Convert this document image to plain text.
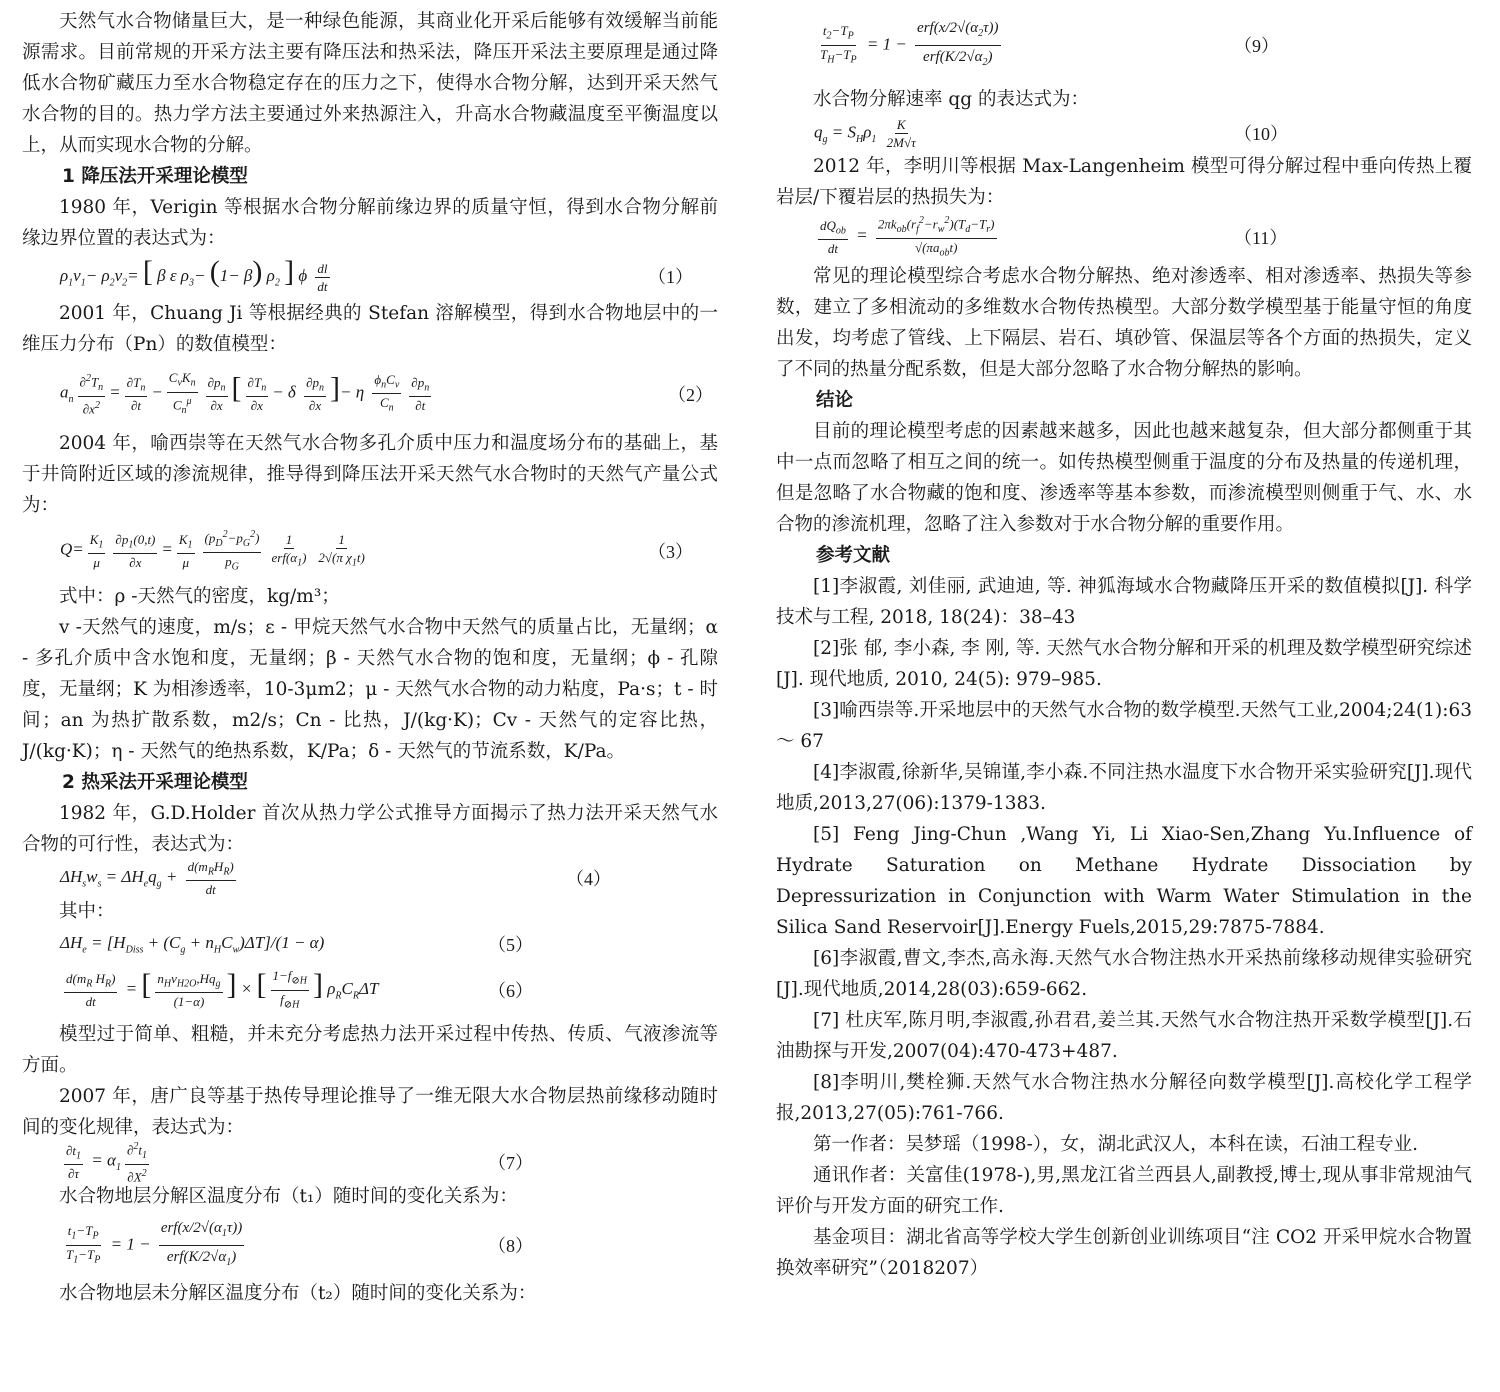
天然气水合物储量巨大，是一种绿色能源，其商业化开采后能够有效缓解当前能源需求。目前常规的开采方法主要有降压法和热采法，降压开采法主要原理是通过降低水合物矿藏压力至水合物稳定存在的压力之下，使得水合物分解，达到开采天然气水合物的目的。热力学方法主要通过外来热源注入，升高水合物藏温度至平衡温度以上，从而实现水合物的分解。

1 降压法开采理论模型

1980 年，Verigin 等根据水合物分解前缘边界的质量守恒，得到水合物分解前缘边界位置的表达式为：

$\rho_1v_1- \rho_2v_2=$ [ β ε $\rho_3- (1- \beta)$ $\rho_2$ ] ϕ $\frac{dl}{dt}$	（1）

2001 年，Chuang Ji 等根据经典的 Stefan 溶解模型，得到水合物地层中的一维压力分布（Pn）的数值模型：

$a_n \frac{\partial^2T_n}{\partial x^2} = \frac{\partial T_n}{\partial t} - \frac{C_vK_n}{C_n^\mu} \frac{\partial p_n}{\partial x}$ [ $\frac{\partial T_n}{\partial x} - \delta \frac{\partial p_n}{\partial x}$ ]− η $\frac{\phi_nC_v}{C_n} \frac{\partial p_n}{\partial t}$	（2）

2004 年，喻西崇等在天然气水合物多孔介质中压力和温度场分布的基础上，基于井筒附近区域的渗流规律，推导得到降压法开采天然气水合物时的天然气产量公式为：

$Q= \frac{K_1}{\mu} \frac{\partial p_1(0,t)}{\partial x} = \frac{K_1}{\mu} \frac{(p_D^2-p_G^2)}{p_G} \frac{1}{erf(\alpha_1)} \frac{1}{2√(\pi \chi_1t)}$	（3）

式中：ρ -天然气的密度，kg/m³；

v -天然气的速度，m/s；ε - 甲烷天然气水合物中天然气的质量占比，无量纲；α - 多孔介质中含水饱和度，无量纲；β - 天然气水合物的饱和度，无量纲；ϕ - 孔隙度，无量纲；K 为相渗透率，10-3μm2；μ - 天然气水合物的动力粘度，Pa·s；t - 时间；an 为热扩散系数，m2/s；Cn - 比热，J/(kg·K)；Cv - 天然气的定容比热，J/(kg·K)；η - 天然气的绝热系数，K/Pa；δ - 天然气的节流系数，K/Pa。

2 热采法开采理论模型

1982 年，G.D.Holder 首次从热力学公式推导方面揭示了热力法开采天然气水合物的可行性，表达式为：

$\Delta H_sw_s = \Delta H_eq_g + \frac{d(m_RH_R)}{dt}$	（4）

其中：

$\Delta H_e = [H_{Diss} + (C_g + n_HC_w)\Delta T]/(1 - \alpha)$	（5）
$\frac{d(m_R H_R)}{dt}$ = [ $\frac{n_Hv_{H2O},Hq_g}{(1-\alpha)}$ ] × [ $\frac{1-f_{⊘H}}{f_{⊘H}}$ ] $\rho_RC_R\Delta T$	（6）

模型过于简单、粗糙，并未充分考虑热力法开采过程中传热、传质、气液渗流等方面。

2007 年，唐广良等基于热传导理论推导了一维无限大水合物层热前缘移动随时间的变化规律，表达式为：

$\frac{\partial t_1}{\partial\tau} = \alpha_1 \frac{\partial^2t_1}{\partial X^2}$	（7）

水合物地层分解区温度分布（t₁）随时间的变化关系为：

$\frac{t_1-T_P}{T_1-T_P} = 1 - \frac{erf(x/2√(\alpha_1\tau))}{erf(K/2√\alpha_1)}$	（8）

水合物地层未分解区温度分布（t₂）随时间的变化关系为：

$\frac{t_2-T_P}{T_H-T_P} = 1 - \frac{erf(x/2√(\alpha_2\tau))}{erf(K/2√\alpha_2)}$	（9）

水合物分解速率 qg 的表达式为：

$q_g = S_H\rho_1 \frac{K}{2M√\tau}$	（10）

2012 年，李明川等根据 Max-Langenheim 模型可得分解过程中垂向传热上覆岩层/下覆岩层的热损失为：

$\frac{dQ_{ob}}{dt} = \frac{2\pi k_{ob}(r_f^2-r_w^2)(T_d-T_r)}{√(\pi a_{ob}t)}$	（11）

常见的理论模型综合考虑水合物分解热、绝对渗透率、相对渗透率、热损失等参数，建立了多相流动的多维数水合物传热模型。大部分数学模型基于能量守恒的角度出发，均考虑了管线、上下隔层、岩石、填砂管、保温层等各个方面的热损失，定义了不同的热量分配系数，但是大部分忽略了水合物分解热的影响。

结论

目前的理论模型考虑的因素越来越多，因此也越来越复杂，但大部分都侧重于其中一点而忽略了相互之间的统一。如传热模型侧重于温度的分布及热量的传递机理，但是忽略了水合物藏的饱和度、渗透率等基本参数，而渗流模型则侧重于气、水、水合物的渗流机理，忽略了注入参数对于水合物分解的重要作用。

参考文献

[1]李淑霞, 刘佳丽, 武迪迪, 等. 神狐海域水合物藏降压开采的数值模拟[J]. 科学技术与工程, 2018, 18(24)：38–43

[2]张 郁, 李小森, 李 刚, 等. 天然气水合物分解和开采的机理及数学模型研究综述[J]. 现代地质, 2010, 24(5): 979–985.

[3]喻西崇等.开采地层中的天然气水合物的数学模型.天然气工业,2004;24(1):63～ 67

[4]李淑霞,徐新华,吴锦谨,李小森.不同注热水温度下水合物开采实验研究[J].现代地质,2013,27(06):1379-1383.

[5] Feng Jing-Chun ,Wang Yi, Li Xiao-Sen,Zhang Yu.Influence of Hydrate Saturation on Methane Hydrate Dissociation by Depressurization in Conjunction with Warm Water Stimulation in the Silica Sand Reservoir[J].Energy Fuels,2015,29:7875-7884.

[6]李淑霞,曹文,李杰,高永海.天然气水合物注热水开采热前缘移动规律实验研究[J].现代地质,2014,28(03):659-662.

[7] 杜庆军,陈月明,李淑霞,孙君君,姜兰其.天然气水合物注热开采数学模型[J].石油勘探与开发,2007(04):470-473+487.

[8]李明川,樊栓狮.天然气水合物注热水分解径向数学模型[J].高校化学工程学报,2013,27(05):761-766.

第一作者：吴梦瑶（1998-），女，湖北武汉人，本科在读，石油工程专业.

通讯作者：关富佳(1978-),男,黑龙江省兰西县人,副教授,博士,现从事非常规油气评价与开发方面的研究工作.

基金项目：湖北省高等学校大学生创新创业训练项目“注 CO2 开采甲烷水合物置换效率研究”（2018207）
